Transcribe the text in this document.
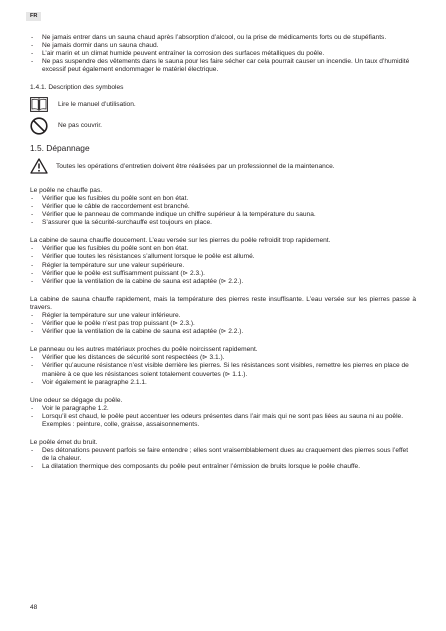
FR
- Ne jamais entrer dans un sauna chaud après l’absorption d’alcool, ou la prise de médicaments forts ou de stupéfiants.
- Ne jamais dormir dans un sauna chaud.
- L’air marin et un climat humide peuvent entraîner la corrosion des surfaces métalliques du poêle.
- Ne pas suspendre des vêtements dans le sauna pour les faire sécher car cela pourrait causer un incendie. Un taux d’humidité excessif peut également endommager le matériel électrique.
1.4.1. Description des symboles
Lire le manuel d’utilisation.
Ne pas couvrir.
1.5. Dépannage
Toutes les opérations d’entretien doivent être réalisées par un professionnel de la maintenance.
Le poêle ne chauffe pas.
- Vérifier que les fusibles du poêle sont en bon état.
- Vérifier que le câble de raccordement est branché.
- Vérifier que le panneau de commande indique un chiffre supérieur à la température du sauna.
- S’assurer que la sécurité-surchauffe est toujours en place.
La cabine de sauna chauffe doucement. L’eau versée sur les pierres du poêle refroidit trop rapidement.
- Vérifier que les fusibles du poêle sont en bon état.
- Vérifier que toutes les résistances s’allument lorsque le poêle est allumé.
- Régler la température sur une valeur supérieure.
- Vérifier que le poêle est suffisamment puissant (⊳ 2.3.).
- Vérifier que la ventilation de la cabine de sauna est adaptée (⊳ 2.2.).
La cabine de sauna chauffe rapidement, mais la température des pierres reste insuffisante. L’eau versée sur les pierres passe à travers.
- Régler la température sur une valeur inférieure.
- Vérifier que le poêle n’est pas trop puissant (⊳ 2.3.).
- Vérifier que la ventilation de la cabine de sauna est adaptée (⊳ 2.2.).
Le panneau ou les autres matériaux proches du poêle noircissent rapidement.
- Vérifier que les distances de sécurité sont respectées (⊳ 3.1.).
- Vérifier qu’aucune résistance n’est visible derrière les pierres. Si les résistances sont visibles, remettre les pierres en place de manière à ce que les résistances soient totalement couvertes (⊳ 1.1.).
- Voir également le paragraphe 2.1.1.
Une odeur se dégage du poêle.
- Voir le paragraphe 1.2.
- Lorsqu’il est chaud, le poêle peut accentuer les odeurs présentes dans l’air mais qui ne sont pas liées au sauna ni au poêle. Exemples : peinture, colle, graisse, assaisonnements.
Le poêle émet du bruit.
- Des détonations peuvent parfois se faire entendre ; elles sont vraisemblablement dues au craquement des pierres sous l’effet de la chaleur.
- La dilatation thermique des composants du poêle peut entraîner l’émission de bruits lorsque le poêle chauffe.
48
